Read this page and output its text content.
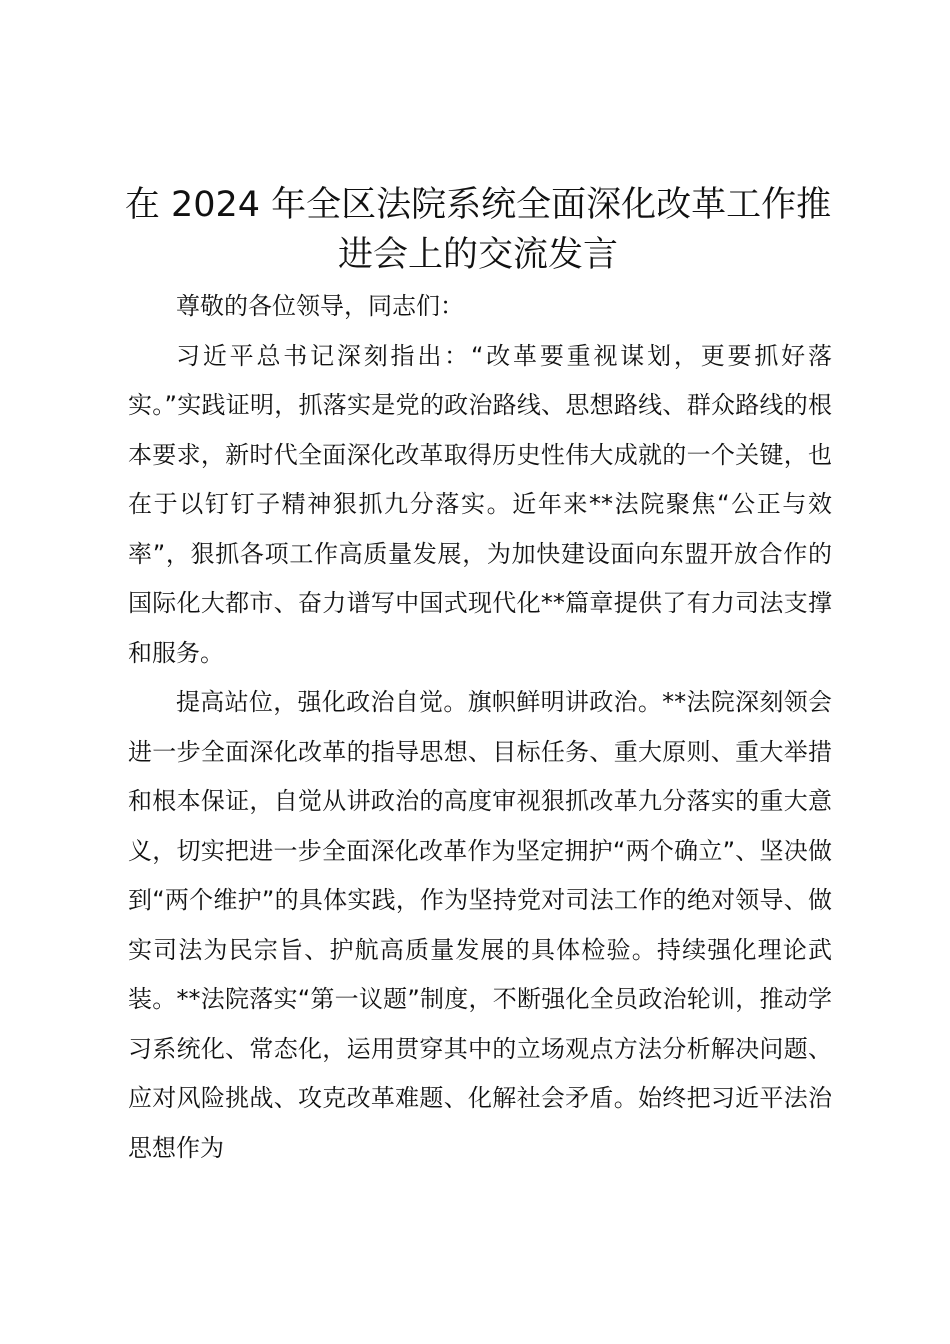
在 2024 年全区法院系统全面深化改革工作推进会上的交流发言

尊敬的各位领导，同志们：

习近平总书记深刻指出：“改革要重视谋划，更要抓好落实。”实践证明，抓落实是党的政治路线、思想路线、群众路线的根本要求，新时代全面深化改革取得历史性伟大成就的一个关键，也在于以钉钉子精神狠抓九分落实。近年来**法院聚焦“公正与效率”，狠抓各项工作高质量发展，为加快建设面向东盟开放合作的国际化大都市、奋力谱写中国式现代化**篇章提供了有力司法支撑和服务。

提高站位，强化政治自觉。旗帜鲜明讲政治。**法院深刻领会进一步全面深化改革的指导思想、目标任务、重大原则、重大举措和根本保证，自觉从讲政治的高度审视狠抓改革九分落实的重大意义，切实把进一步全面深化改革作为坚定拥护“两个确立”、坚决做到“两个维护”的具体实践，作为坚持党对司法工作的绝对领导、做实司法为民宗旨、护航高质量发展的具体检验。持续强化理论武装。**法院落实“第一议题”制度，不断强化全员政治轮训，推动学习系统化、常态化，运用贯穿其中的立场观点方法分析解决问题、应对风险挑战、攻克改革难题、化解社会矛盾。始终把习近平法治思想作为
